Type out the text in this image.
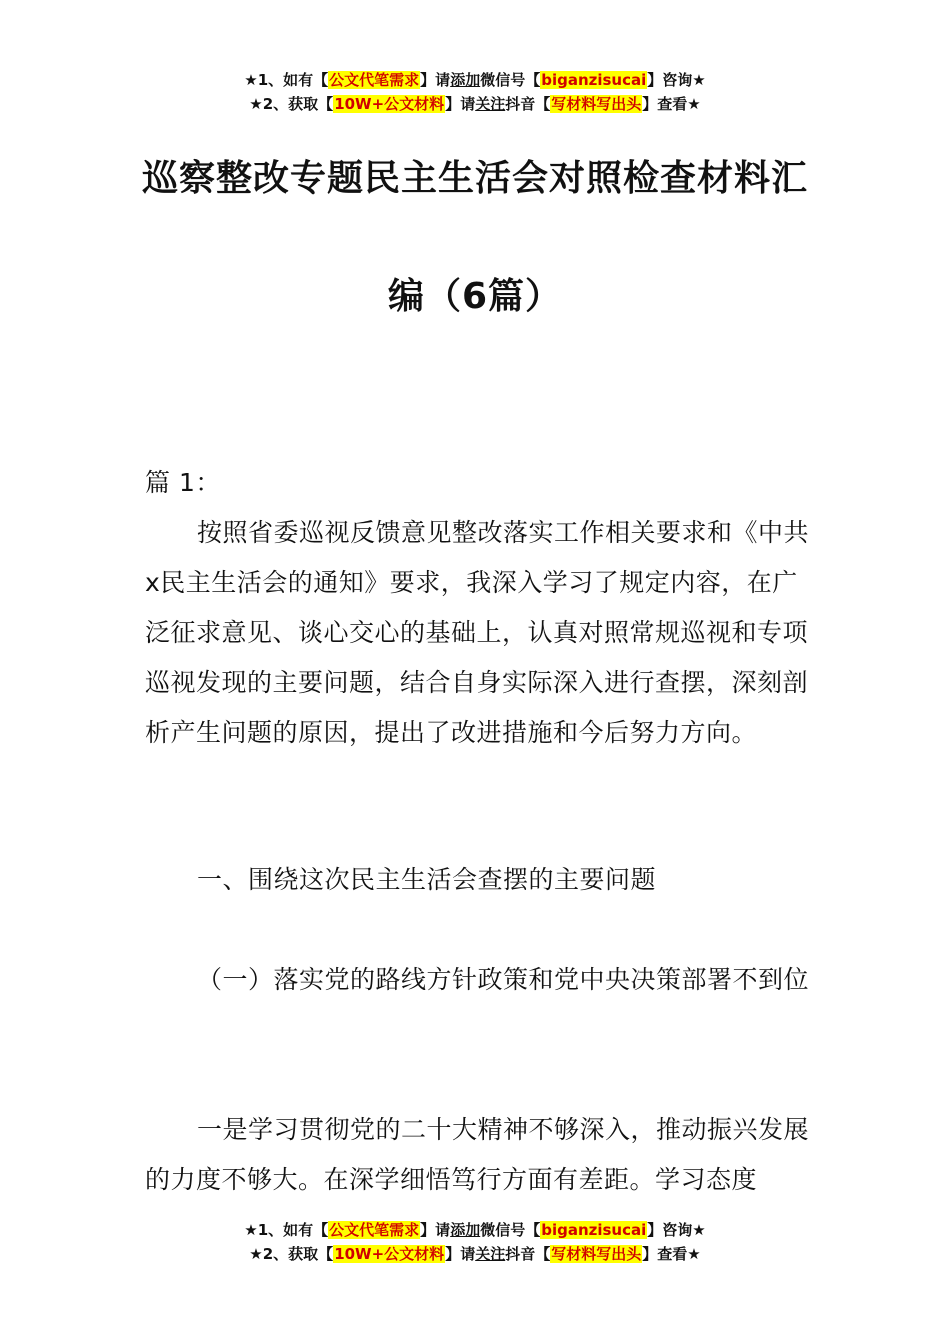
★1、如有【公文代笔需求】请添加微信号【biganzisucai】咨询★
★2、获取【10W+公文材料】请关注抖音【写材料写出头】查看★
巡察整改专题民主生活会对照检查材料汇
编（6篇）
篇 1：
按照省委巡视反馈意见整改落实工作相关要求和《中共x民主生活会的通知》要求，我深入学习了规定内容，在广泛征求意见、谈心交心的基础上，认真对照常规巡视和专项巡视发现的主要问题，结合自身实际深入进行查摆，深刻剖析产生问题的原因，提出了改进措施和今后努力方向。
一、围绕这次民主生活会查摆的主要问题
（一）落实党的路线方针政策和党中央决策部署不到位
一是学习贯彻党的二十大精神不够深入，推动振兴发展的力度不够大。在深学细悟笃行方面有差距。学习态度
★1、如有【公文代笔需求】请添加微信号【biganzisucai】咨询★
★2、获取【10W+公文材料】请关注抖音【写材料写出头】查看★
